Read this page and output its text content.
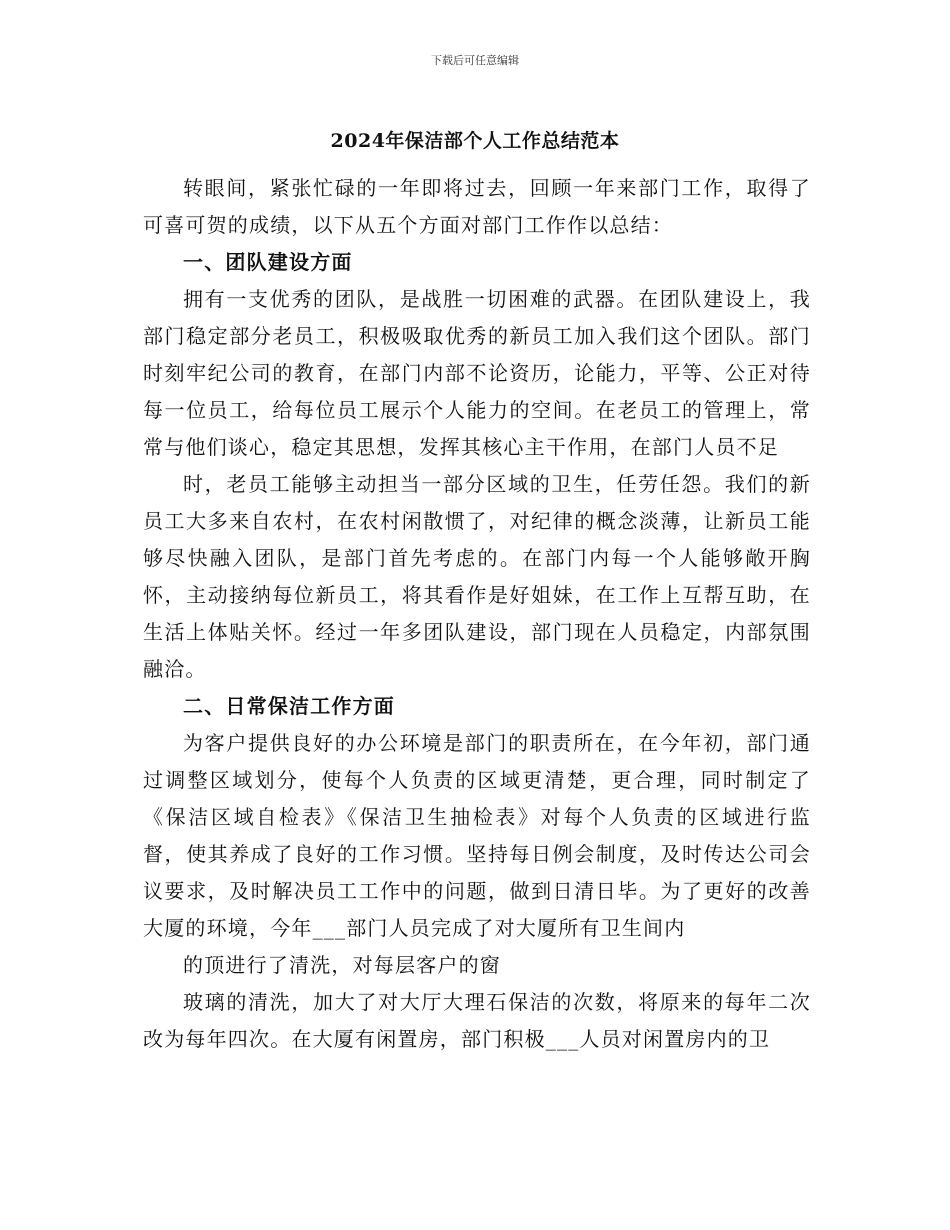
下载后可任意编辑
2024年保洁部个人工作总结范本

转眼间，紧张忙碌的一年即将过去，回顾一年来部门工作，取得了可喜可贺的成绩，以下从五个方面对部门工作作以总结：

一、团队建设方面

拥有一支优秀的团队，是战胜一切困难的武器。在团队建设上，我部门稳定部分老员工，积极吸取优秀的新员工加入我们这个团队。部门时刻牢纪公司的教育，在部门内部不论资历，论能力，平等、公正对待每一位员工，给每位员工展示个人能力的空间。在老员工的管理上，常常与他们谈心，稳定其思想，发挥其核心主干作用，在部门人员不足

时，老员工能够主动担当一部分区域的卫生，任劳任怨。我们的新员工大多来自农村，在农村闲散惯了，对纪律的概念淡薄，让新员工能够尽快融入团队，是部门首先考虑的。在部门内每一个人能够敞开胸怀，主动接纳每位新员工，将其看作是好姐妹，在工作上互帮互助，在生活上体贴关怀。经过一年多团队建设，部门现在人员稳定，内部氛围融洽。

二、日常保洁工作方面

为客户提供良好的办公环境是部门的职责所在，在今年初，部门通过调整区域划分，使每个人负责的区域更清楚，更合理，同时制定了《保洁区域自检表》《保洁卫生抽检表》对每个人负责的区域进行监督，使其养成了良好的工作习惯。坚持每日例会制度，及时传达公司会议要求，及时解决员工工作中的问题，做到日清日毕。为了更好的改善大厦的环境，今年___部门人员完成了对大厦所有卫生间内

的顶进行了清洗，对每层客户的窗

玻璃的清洗，加大了对大厅大理石保洁的次数，将原来的每年二次改为每年四次。在大厦有闲置房，部门积极___人员对闲置房内的卫
